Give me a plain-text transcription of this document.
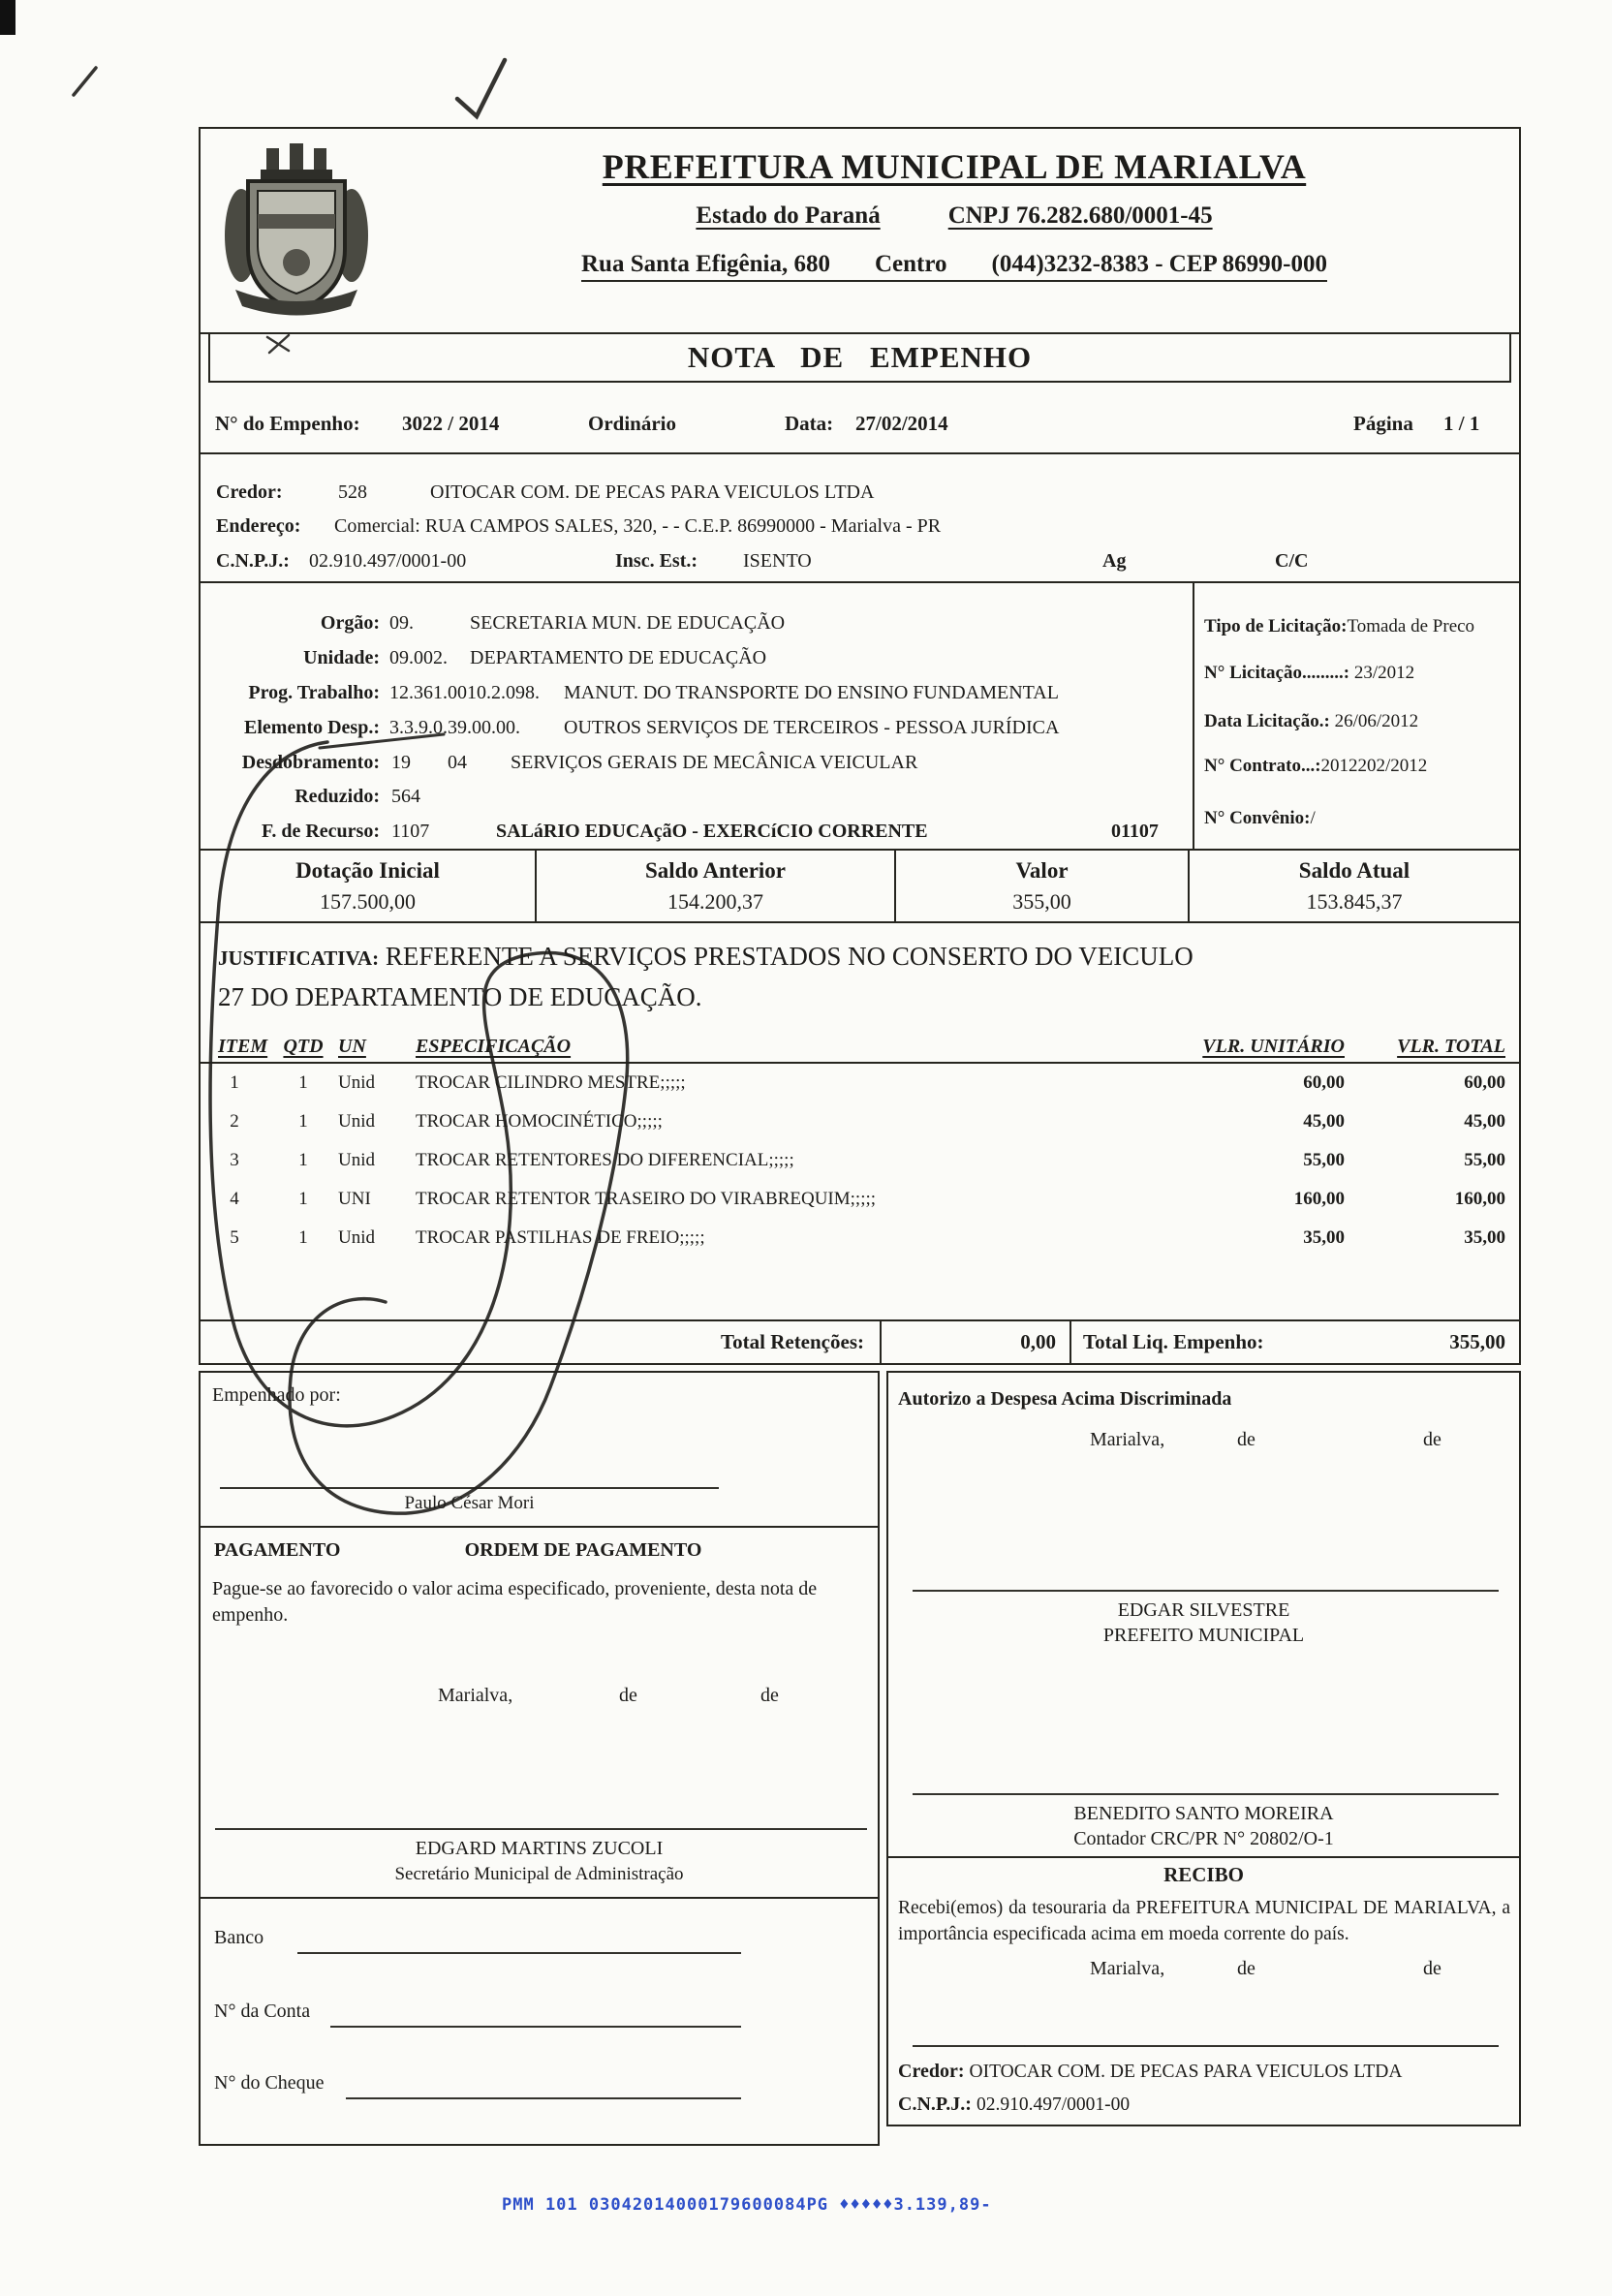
PREFEITURA MUNICIPAL DE MARIALVA
Estado do Paraná	CNPJ 76.282.680/0001-45
Rua Santa Efigênia, 680 Centro (044)3232-8383 - CEP 86990-000
NOTA DE EMPENHO
N° do Empenho: 3022 / 2014	Ordinário	Data: 27/02/2014	Página 1 / 1
Credor:	528	OITOCAR COM. DE PECAS PARA VEICULOS LTDA
Endereço: Comercial: RUA CAMPOS SALES, 320, - - C.E.P. 86990000 - Marialva - PR
C.N.P.J.: 02.910.497/0001-00	Insc. Est.: ISENTO	Ag	C/C
Orgão: 09.	SECRETARIA MUN. DE EDUCAÇÃO
Unidade: 09.002. DEPARTAMENTO DE EDUCAÇÃO
Prog. Trabalho: 12.361.0010.2.098. MANUT. DO TRANSPORTE DO ENSINO FUNDAMENTAL
Elemento Desp.: 3.3.9.0.39.00.00. OUTROS SERVIÇOS DE TERCEIROS - PESSOA JURÍDICA
Desdobramento: 19 04 SERVIÇOS GERAIS DE MECÂNICA VEICULAR
Reduzido: 564
F. de Recurso: 1107	SALáRIO EDUCAçãO - EXERCíCIO CORRENTE	01107
Tipo de Licitação:Tomada de Preco
N° Licitação.........: 23/2012
Data Licitação.: 26/06/2012
N° Contrato...:2012202/2012
N° Convênio:/
Dotação Inicial
157.500,00
Saldo Anterior
154.200,37
Valor
355,00
Saldo Atual
153.845,37

JUSTIFICATIVA: REFERENTE A SERVIÇOS PRESTADOS NO CONSERTO DO VEICULO 27 DO DEPARTAMENTO DE EDUCAÇÃO.

ITEM QTD UN	ESPECIFICAÇÃO	VLR. UNITÁRIO	VLR. TOTAL
1	1	Unid	TROCAR CILINDRO MESTRE;;;;;	60,00	60,00
2	1	Unid	TROCAR HOMOCINÉTICO;;;;;	45,00	45,00
3	1	Unid	TROCAR RETENTORES DO DIFERENCIAL;;;;;	55,00	55,00
4	1	UNI	TROCAR RETENTOR TRASEIRO DO VIRABREQUIM;;;;;	160,00	160,00
5	1	Unid	TROCAR PASTILHAS DE FREIO;;;;;	35,00	35,00
Total Retenções:	0,00	Total Liq. Empenho:	355,00
Empenhado por:
Paulo César Mori
PAGAMENTO	ORDEM DE PAGAMENTO
Pague-se ao favorecido o valor acima especificado, proveniente, desta nota de empenho.
Marialva,	de	de
EDGARD MARTINS ZUCOLI
Secretário Municipal de Administração
Banco
N° da Conta
N° do Cheque
Autorizo a Despesa Acima Discriminada
Marialva,	de	de
EDGAR SILVESTRE
PREFEITO MUNICIPAL
BENEDITO SANTO MOREIRA
Contador CRC/PR N° 20802/O-1
RECIBO
Recebi(emos) da tesouraria da PREFEITURA MUNICIPAL DE MARIALVA, a importância especificada acima em moeda corrente do país.
Marialva,	de	de
Credor: OITOCAR COM. DE PECAS PARA VEICULOS LTDA
C.N.P.J.: 02.910.497/0001-00
PMM 101 03042014000179600084PG ♦♦♦♦♦3.139,89-
